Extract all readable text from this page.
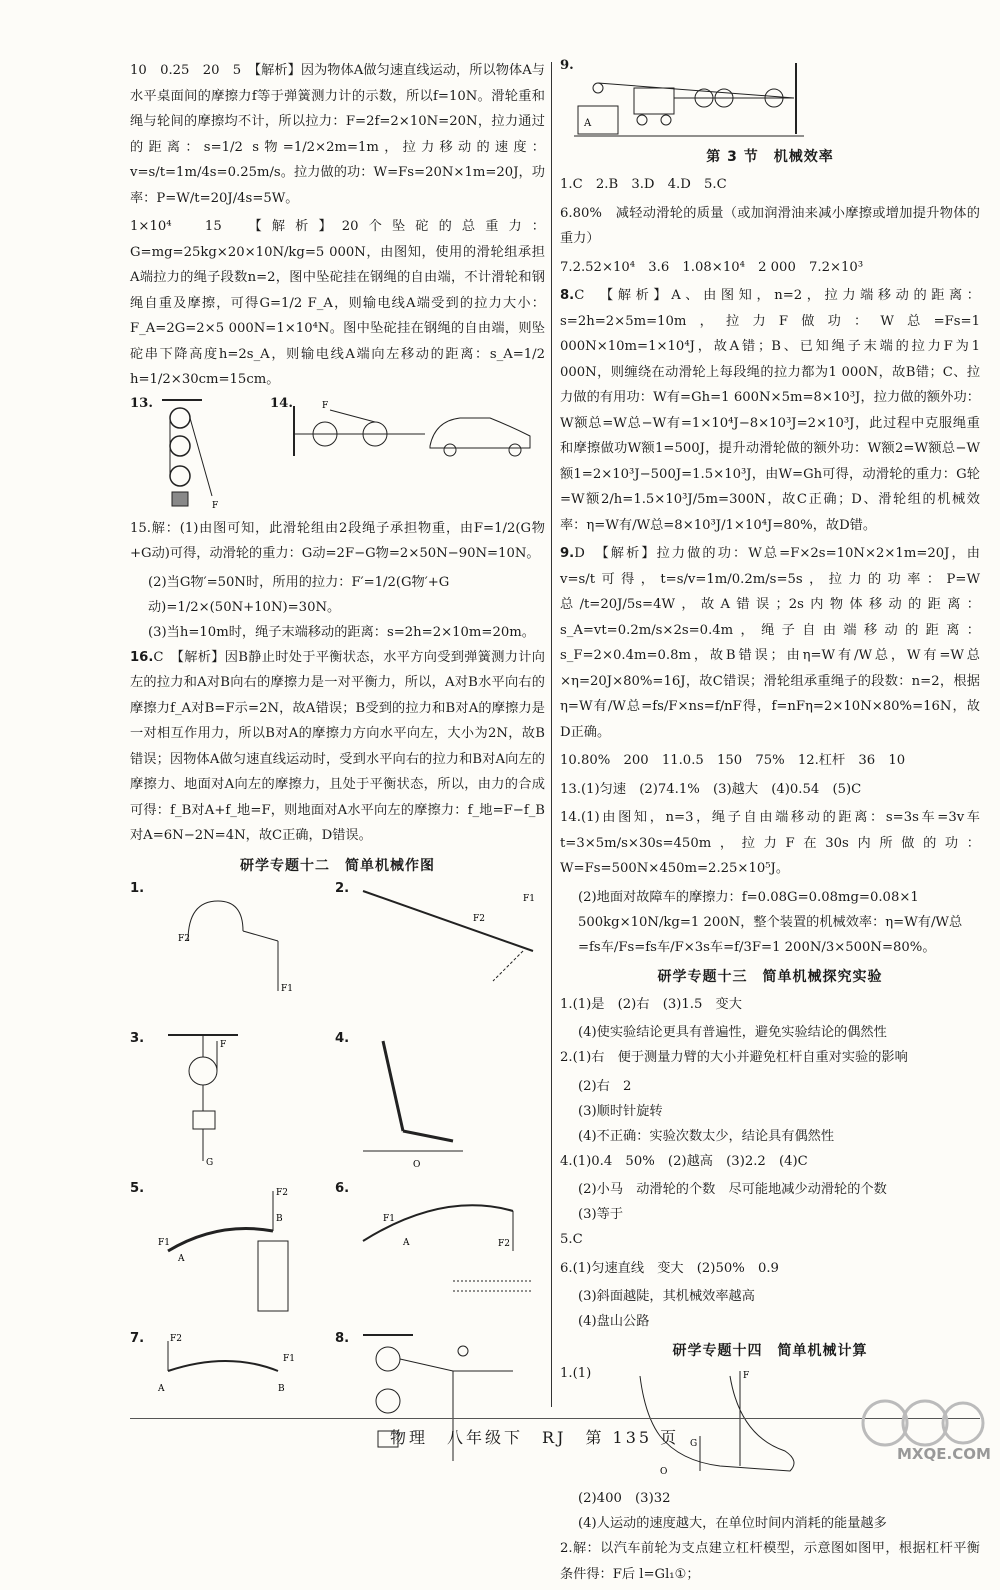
10　0.25　20　5　【解析】因为物体A做匀速直线运动，所以物体A与水平桌面间的摩擦力f等于弹簧测力计的示数，所以f=10N。滑轮重和绳与轮间的摩擦均不计，所以拉力：F=2f=2×10N=20N，拉力通过的距离：s=1/2 s物=1/2×2m=1m，拉力移动的速度：v=s/t=1m/4s=0.25m/s。拉力做的功：W=Fs=20N×1m=20J，功率：P=W/t=20J/4s=5W。

1×10⁴　15　【解析】20个坠砣的总重力：G=mg=25kg×20×10N/kg=5 000N，由图知，使用的滑轮组承担A端拉力的绳子段数n=2，图中坠砣挂在钢绳的自由端，不计滑轮和钢绳自重及摩擦，可得G=1/2 F_A，则输电线A端受到的拉力大小：F_A=2G=2×5 000N=1×10⁴N。图中坠砣挂在钢绳的自由端，则坠砣串下降高度h=2s_A，则输电线A端向左移动的距离：s_A=1/2 h=1/2×30cm=15cm。

13.
F
14.	F

15.解：(1)由图可知，此滑轮组由2段绳子承担物重，由F=1/2(G物+G动)可得，动滑轮的重力：G动=2F−G物=2×50N−90N=10N。

(2)当G物′=50N时，所用的拉力：F′=1/2(G物′+G动)=1/2×(50N+10N)=30N。

(3)当h=10m时，绳子末端移动的距离：s=2h=2×10m=20m。

16.C　【解析】因B静止时处于平衡状态，水平方向受到弹簧测力计向左的拉力和A对B向右的摩擦力是一对平衡力，所以，A对B水平向右的摩擦力f_A对B=F示=2N，故A错误；B受到的拉力和B对A的摩擦力是一对相互作用力，所以B对A的摩擦力方向水平向左，大小为2N，故B错误；因物体A做匀速直线运动时，受到水平向右的拉力和B对A向左的摩擦力、地面对A向左的摩擦力，且处于平衡状态，所以，由力的合成可得：f_B对A+f_地=F，则地面对A水平向左的摩擦力：f_地=F−f_B对A=6N−2N=4N，故C正确，D错误。

研学专题十二　简单机械作图
1.
F1
F2
2.
F2
F1
3.	F
G
4.
O
5.	F2
B
A
F1
6.
F2
F1
A
7.	F2
F1
A	B
8.
9.
A
第 3 节　机械效率

1.C　2.B　3.D　4.D　5.C

6.80%　减轻动滑轮的质量（或加润滑油来减小摩擦或增加提升物体的重力）

7.2.52×10⁴　3.6　1.08×10⁴　2 000　7.2×10³

8.C　【解析】A、由图知，n=2，拉力端移动的距离：s=2h=2×5m=10m，拉力F做功：W总=Fs=1 000N×10m=1×10⁴J，故A错；B、已知绳子末端的拉力F为1 000N，则缠绕在动滑轮上每段绳的拉力都为1 000N，故B错；C、拉力做的有用功：W有=Gh=1 600N×5m=8×10³J，拉力做的额外功：W额总=W总−W有=1×10⁴J−8×10³J=2×10³J，此过程中克服绳重和摩擦做功W额1=500J，提升动滑轮做的额外功：W额2=W额总−W额1=2×10³J−500J=1.5×10³J，由W=Gh可得，动滑轮的重力：G轮=W额2/h=1.5×10³J/5m=300N，故C正确；D、滑轮组的机械效率：η=W有/W总=8×10³J/1×10⁴J=80%，故D错。

9.D　【解析】拉力做的功：W总=F×2s=10N×2×1m=20J，由v=s/t可得，t=s/v=1m/0.2m/s=5s，拉力的功率：P=W总/t=20J/5s=4W，故A错误；2s内物体移动的距离：s_A=vt=0.2m/s×2s=0.4m，绳子自由端移动的距离：s_F=2×0.4m=0.8m，故B错误；由η=W有/W总，W有=W总×η=20J×80%=16J，故C错误；滑轮组承重绳子的段数：n=2，根据η=W有/W总=fs/F×ns=f/nF得，f=nFη=2×10N×80%=16N，故D正确。

10.80%　200　11.0.5　150　75%　12.杠杆　36　10

13.(1)匀速　(2)74.1%　(3)越大　(4)0.54　(5)C

14.(1)由图知，n=3，绳子自由端移动的距离：s=3s车=3v车t=3×5m/s×30s=450m，拉力F在30s内所做的功：W=Fs=500N×450m=2.25×10⁵J。

(2)地面对故障车的摩擦力：f=0.08G=0.08mg=0.08×1 500kg×10N/kg=1 200N，整个装置的机械效率：η=W有/W总=fs车/Fs=fs车/F×3s车=f/3F=1 200N/3×500N=80%。

研学专题十三　简单机械探究实验

1.(1)是　(2)右　(3)1.5　变大

(4)使实验结论更具有普遍性，避免实验结论的偶然性

2.(1)右　便于测量力臂的大小并避免杠杆自重对实验的影响

(2)右　2

(3)顺时针旋转

(4)不正确：实验次数太少，结论具有偶然性

4.(1)0.4　50%　(2)越高　(3)2.2　(4)C

(2)小马　动滑轮的个数　尽可能地减少动滑轮的个数

(3)等于

5.C

6.(1)匀速直线　变大　(2)50%　0.9

(3)斜面越陡，其机械效率越高

(4)盘山公路

研学专题十四　简单机械计算
1.(1)	F
G
O

(2)400　(3)32

(4)人运动的速度越大，在单位时间内消耗的能量越多

2.解：以汽车前轮为支点建立杠杆模型，示意图如图甲，根据杠杆平衡条件得：F后 l=Gl₁①；

物理　八年级下　RJ　第 135 页
MXQE.COM
